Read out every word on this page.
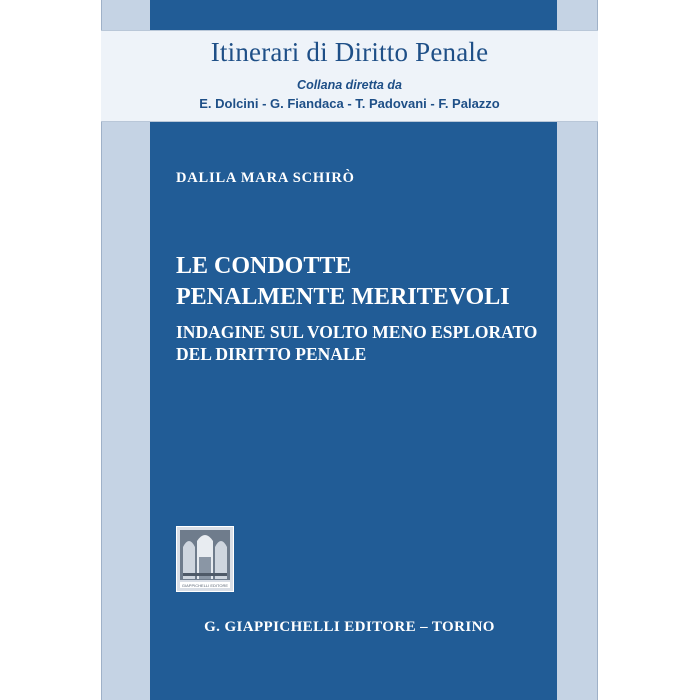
Itinerari di Diritto Penale

Collana diretta da

E. Dolcini - G. Fiandaca - T. Padovani - F. Palazzo

DALILA MARA SCHIRÒ

LE CONDOTTE
PENALMENTE MERITEVOLI
INDAGINE SUL VOLTO MENO ESPLORATO
DEL DIRITTO PENALE
GIAPPICHELLI EDITORE

G. GIAPPICHELLI EDITORE – TORINO
